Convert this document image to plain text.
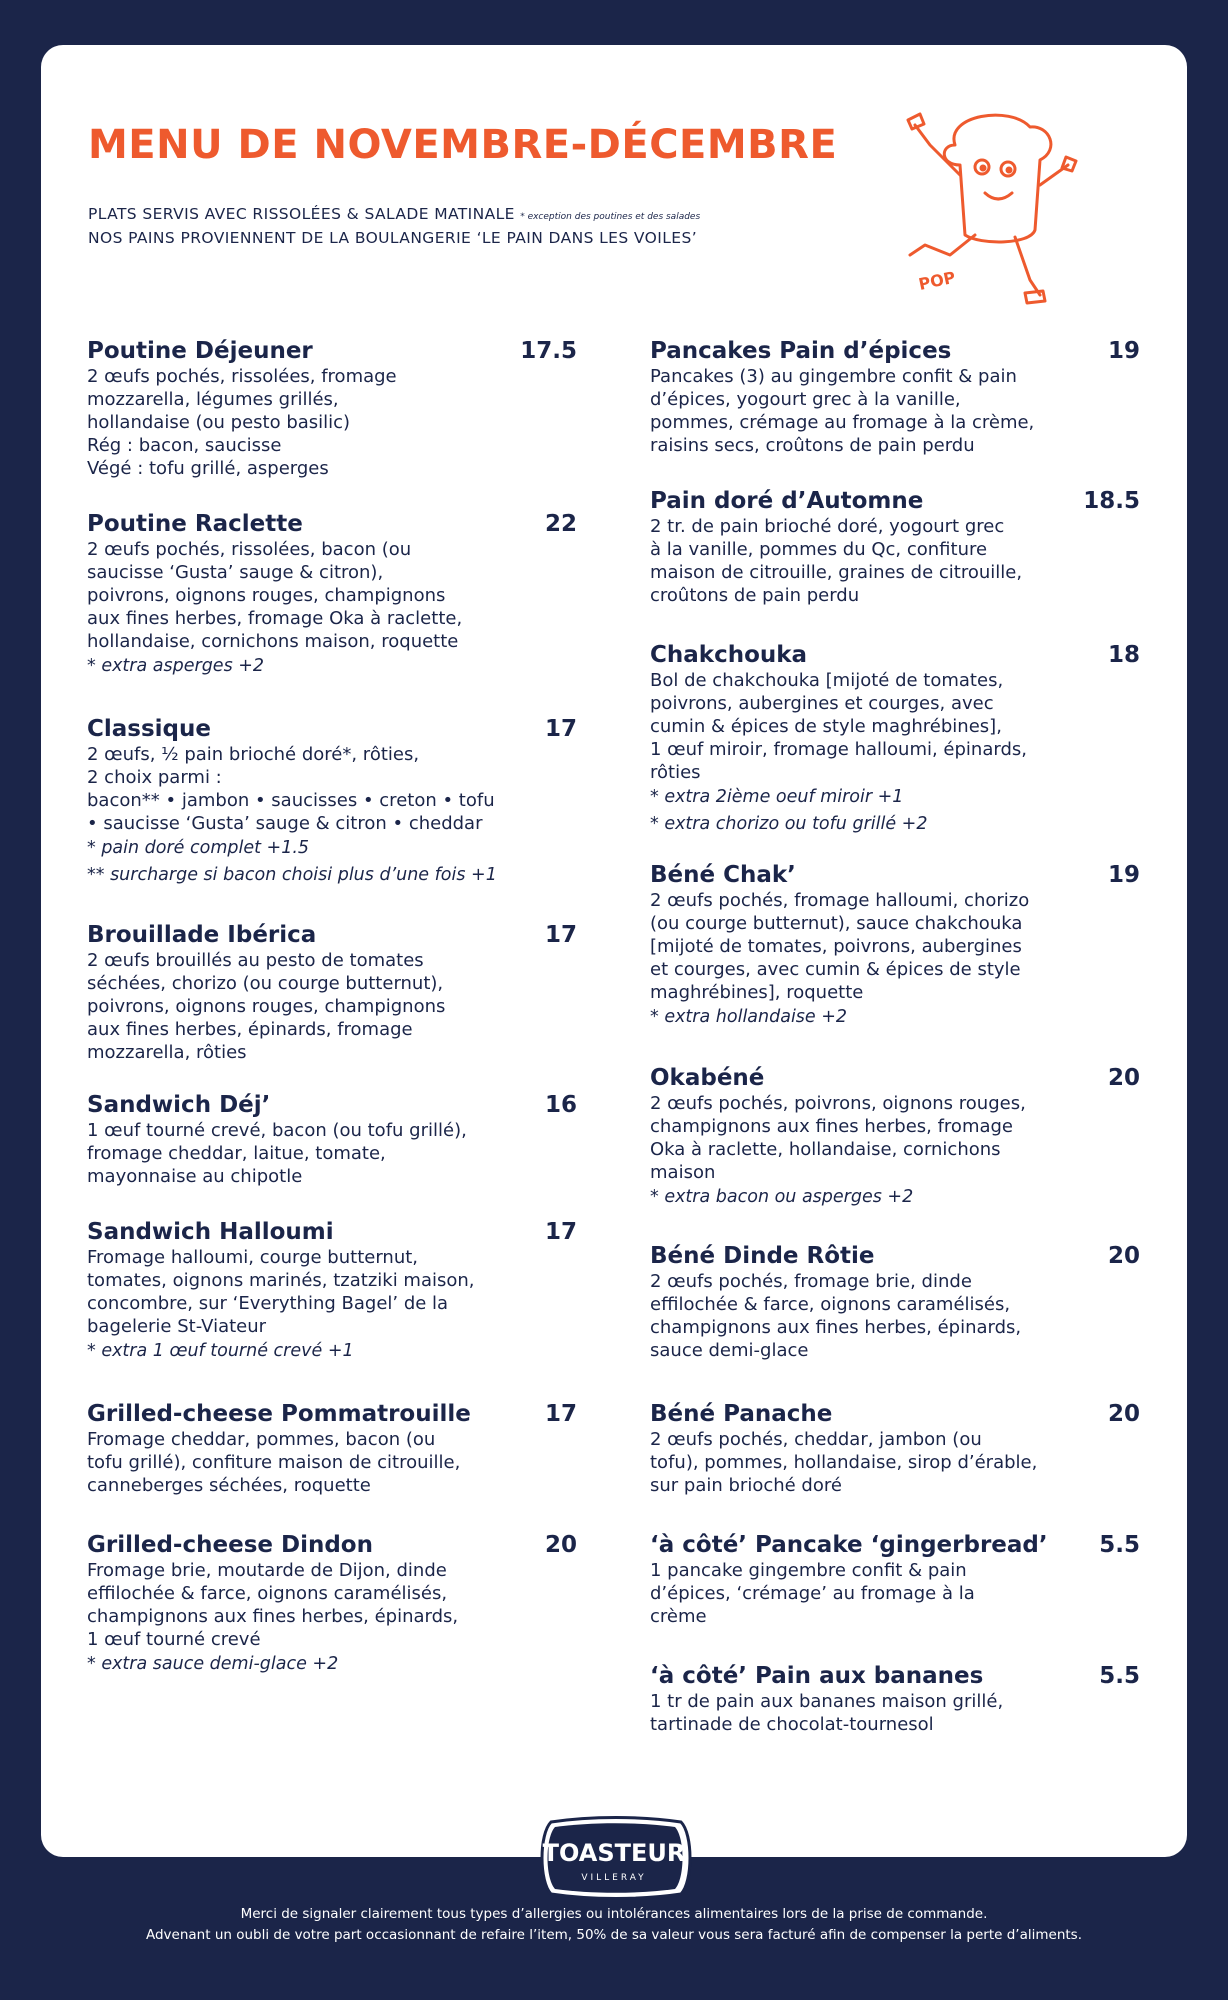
MENU DE NOVEMBRE-DÉCEMBRE
PLATS SERVIS AVEC RISSOLÉES & SALADE MATINALE * exception des poutines et des salades
NOS PAINS PROVIENNENT DE LA BOULANGERIE ‘LE PAIN DANS LES VOILES’
POP
Poutine Déjeuner	17.5
2 œufs pochés, rissolées, fromage
mozzarella, légumes grillés,
hollandaise (ou pesto basilic)
Rég : bacon, saucisse
Végé : tofu grillé, asperges
Poutine Raclette	22
2 œufs pochés, rissolées, bacon (ou
saucisse ‘Gusta’ sauge & citron),
poivrons, oignons rouges, champignons
aux fines herbes, fromage Oka à raclette,
hollandaise, cornichons maison, roquette
* extra asperges +2
Classique	17
2 œufs, ½ pain brioché doré*, rôties,
2 choix parmi :
bacon** • jambon • saucisses • creton • tofu
• saucisse ‘Gusta’ sauge & citron • cheddar
* pain doré complet +1.5
** surcharge si bacon choisi plus d’une fois +1
Brouillade Ibérica	17
2 œufs brouillés au pesto de tomates
séchées, chorizo (ou courge butternut),
poivrons, oignons rouges, champignons
aux fines herbes, épinards, fromage
mozzarella, rôties
Sandwich Déj’	16
1 œuf tourné crevé, bacon (ou tofu grillé),
fromage cheddar, laitue, tomate,
mayonnaise au chipotle
Sandwich Halloumi	17
Fromage halloumi, courge butternut,
tomates, oignons marinés, tzatziki maison,
concombre, sur ‘Everything Bagel’ de la
bagelerie St-Viateur
* extra 1 œuf tourné crevé +1
Grilled-cheese Pommatrouille	17
Fromage cheddar, pommes, bacon (ou
tofu grillé), confiture maison de citrouille,
canneberges séchées, roquette
Grilled-cheese Dindon	20
Fromage brie, moutarde de Dijon, dinde
effilochée & farce, oignons caramélisés,
champignons aux fines herbes, épinards,
1 œuf tourné crevé
* extra sauce demi-glace +2
Pancakes Pain d’épices	19
Pancakes (3) au gingembre confit & pain
d’épices, yogourt grec à la vanille,
pommes, crémage au fromage à la crème,
raisins secs, croûtons de pain perdu
Pain doré d’Automne	18.5
2 tr. de pain brioché doré, yogourt grec
à la vanille, pommes du Qc, confiture
maison de citrouille, graines de citrouille,
croûtons de pain perdu
Chakchouka	18
Bol de chakchouka [mijoté de tomates,
poivrons, aubergines et courges, avec
cumin & épices de style maghrébines],
1 œuf miroir, fromage halloumi, épinards,
rôties
* extra 2ième oeuf miroir +1
* extra chorizo ou tofu grillé +2
Béné Chak’	19
2 œufs pochés, fromage halloumi, chorizo
(ou courge butternut), sauce chakchouka
[mijoté de tomates, poivrons, aubergines
et courges, avec cumin & épices de style
maghrébines], roquette
* extra hollandaise +2
Okabéné	20
2 œufs pochés, poivrons, oignons rouges,
champignons aux fines herbes, fromage
Oka à raclette, hollandaise, cornichons
maison
* extra bacon ou asperges +2
Béné Dinde Rôtie	20
2 œufs pochés, fromage brie, dinde
effilochée & farce, oignons caramélisés,
champignons aux fines herbes, épinards,
sauce demi-glace
Béné Panache	20
2 œufs pochés, cheddar, jambon (ou
tofu), pommes, hollandaise, sirop d’érable,
sur pain brioché doré
‘à côté’ Pancake ‘gingerbread’ 5.5
1 pancake gingembre confit & pain
d’épices, ‘crémage’ au fromage à la
crème
‘à côté’ Pain aux bananes	5.5
1 tr de pain aux bananes maison grillé,
tartinade de chocolat-tournesol
TOASTEUR
VILLERAY
Merci de signaler clairement tous types d’allergies ou intolérances alimentaires lors de la prise de commande.
Advenant un oubli de votre part occasionnant de refaire l’item, 50% de sa valeur vous sera facturé afin de compenser la perte d’aliments.
